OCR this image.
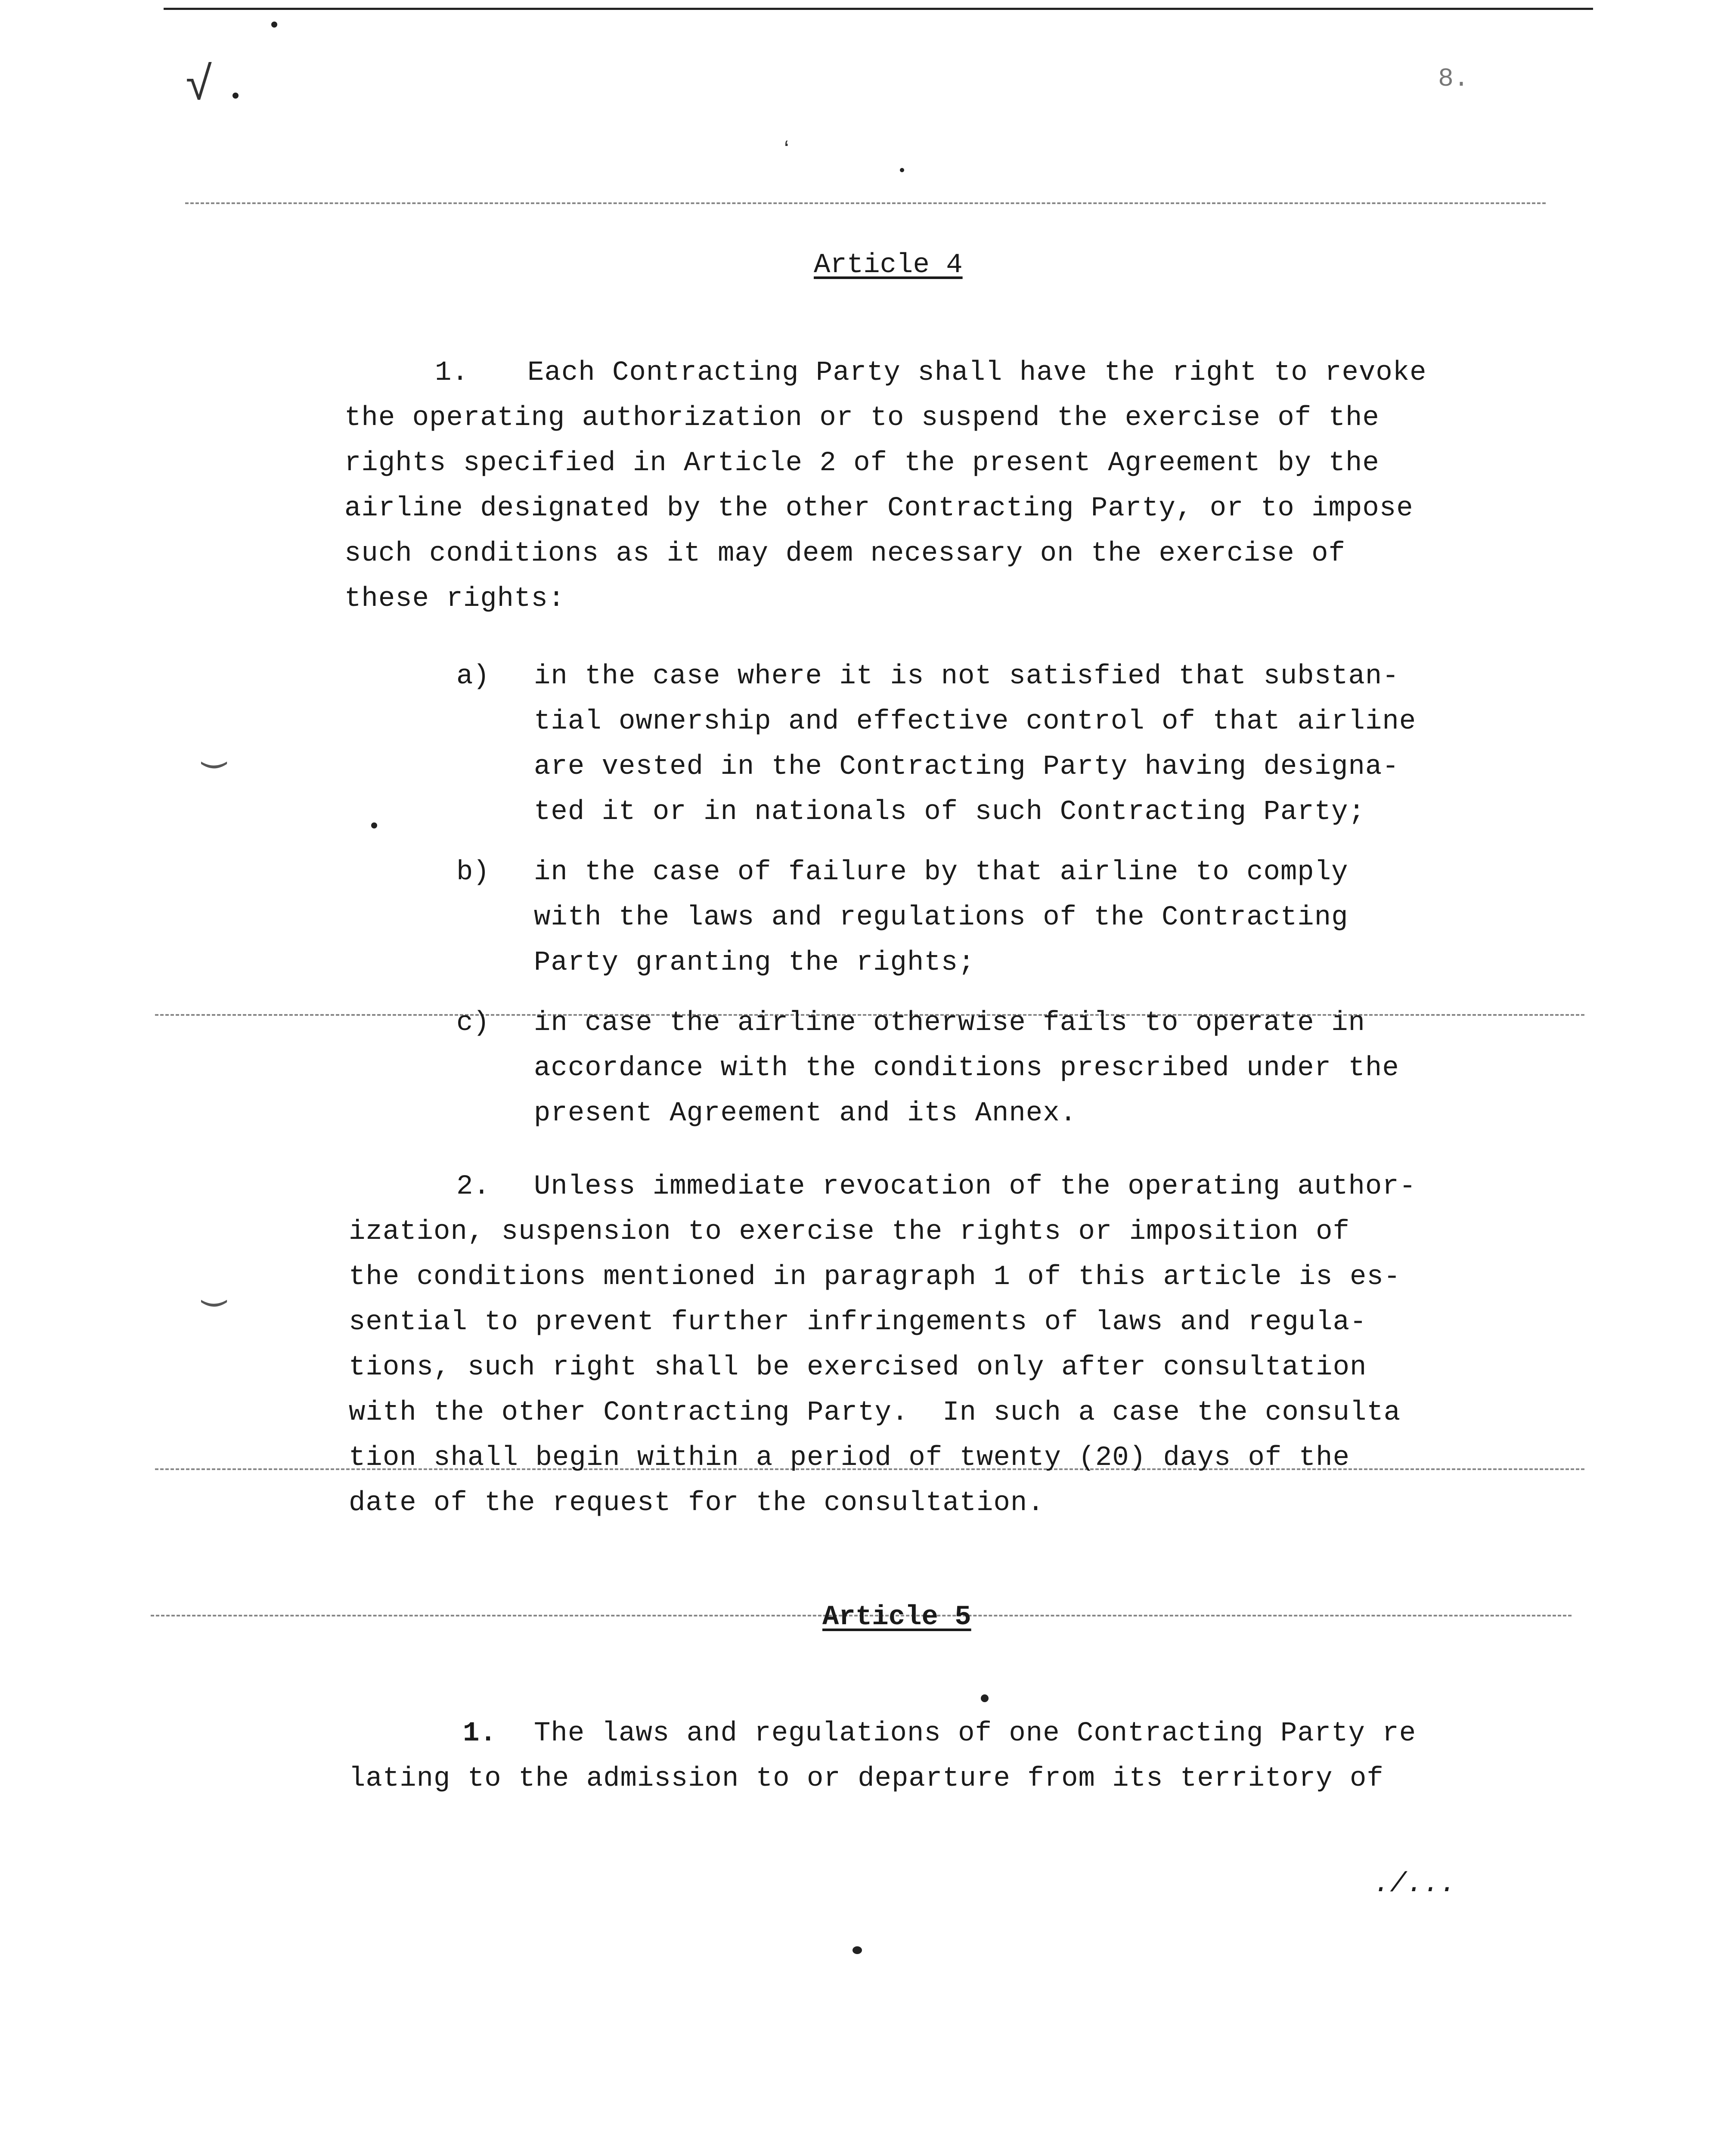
8.
√
ʻ
‿
‿
Article 4
1. Each Contracting Party shall have the right to revoke
the operating authorization or to suspend the exercise of the
rights specified in Article 2 of the present Agreement by the
airline designated by the other Contracting Party, or to impose
such conditions as it may deem necessary on the exercise of
these rights:
a) in the case where it is not satisfied that substan-
tial ownership and effective control of that airline
are vested in the Contracting Party having designa-
ted it or in nationals of such Contracting Party;
b) in the case of failure by that airline to comply
with the laws and regulations of the Contracting
Party granting the rights;
c) in case the airline otherwise fails to operate in
accordance with the conditions prescribed under the
present Agreement and its Annex.
2. Unless immediate revocation of the operating author-
ization, suspension to exercise the rights or imposition of
the conditions mentioned in paragraph 1 of this article is es-
sential to prevent further infringements of laws and regula-
tions, such right shall be exercised only after consultation
with the other Contracting Party.  In such a case the consulta
tion shall begin within a period of twenty (20) days of the
date of the request for the consultation.
Article 5
1. The laws and regulations of one Contracting Party re
lating to the admission to or departure from its territory of
./...
